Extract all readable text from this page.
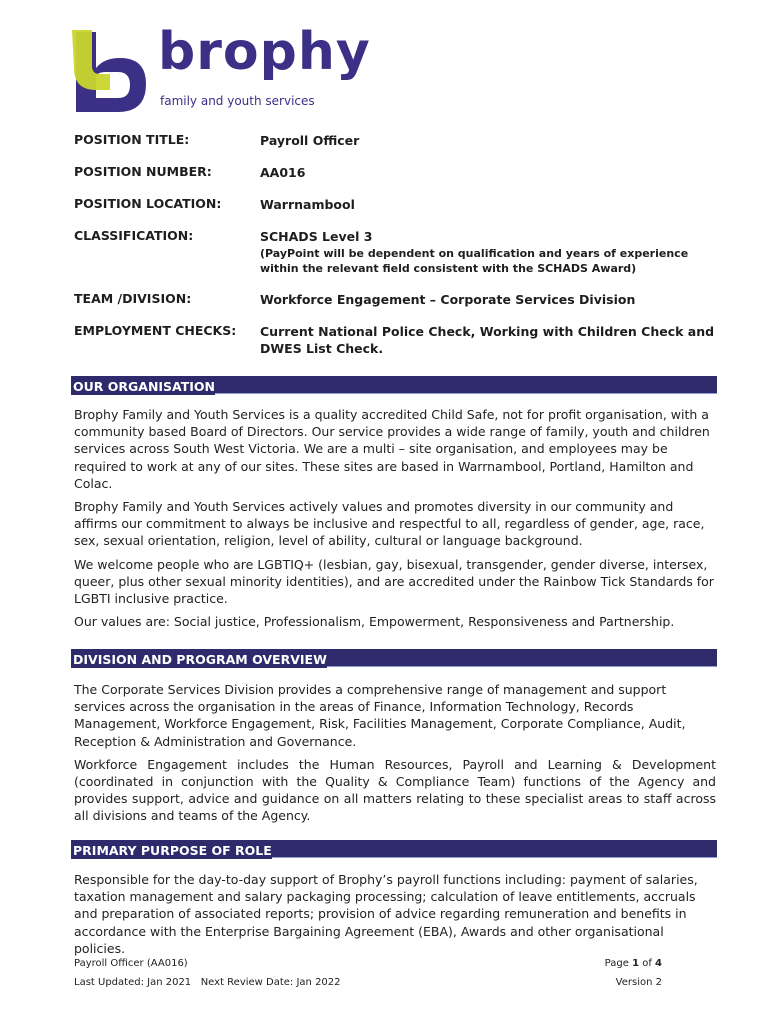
brophy
family and youth services
POSITION TITLE:	Payroll Officer
POSITION NUMBER:	AA016
POSITION LOCATION:	Warrnambool
CLASSIFICATION:	SCHADS Level 3
(PayPoint will be dependent on qualification and years of experience within the relevant field consistent with the SCHADS Award)
TEAM /DIVISION:	Workforce Engagement – Corporate Services Division
EMPLOYMENT CHECKS:	Current National Police Check, Working with Children Check and DWES List Check.
OUR ORGANISATION

Brophy Family and Youth Services is a quality accredited Child Safe, not for profit organisation, with a community based Board of Directors. Our service provides a wide range of family, youth and children services across South West Victoria. We are a multi – site organisation, and employees may be required to work at any of our sites. These sites are based in Warrnambool, Portland, Hamilton and Colac.

Brophy Family and Youth Services actively values and promotes diversity in our community and affirms our commitment to always be inclusive and respectful to all, regardless of gender, age, race, sex, sexual orientation, religion, level of ability, cultural or language background.

We welcome people who are LGBTIQ+ (lesbian, gay, bisexual, transgender, gender diverse, intersex, queer, plus other sexual minority identities), and are accredited under the Rainbow Tick Standards for LGBTI inclusive practice.

Our values are: Social justice, Professionalism, Empowerment, Responsiveness and Partnership.

DIVISION AND PROGRAM OVERVIEW

The Corporate Services Division provides a comprehensive range of management and support services across the organisation in the areas of Finance, Information Technology, Records Management, Workforce Engagement, Risk, Facilities Management, Corporate Compliance, Audit, Reception & Administration and Governance.

Workforce Engagement includes the Human Resources, Payroll and Learning & Development (coordinated in conjunction with the Quality & Compliance Team) functions of the Agency and provides support, advice and guidance on all matters relating to these specialist areas to staff across all divisions and teams of the Agency.

PRIMARY PURPOSE OF ROLE

Responsible for the day-to-day support of Brophy’s payroll functions including: payment of salaries, taxation management and salary packaging processing; calculation of leave entitlements, accruals and preparation of associated reports; provision of advice regarding remuneration and benefits in accordance with the Enterprise Bargaining Agreement (EBA), Awards and other organisational policies.

Payroll Officer (AA016)	Page 1 of 4
Last Updated: Jan 2021   Next Review Date: Jan 2022	Version 2
